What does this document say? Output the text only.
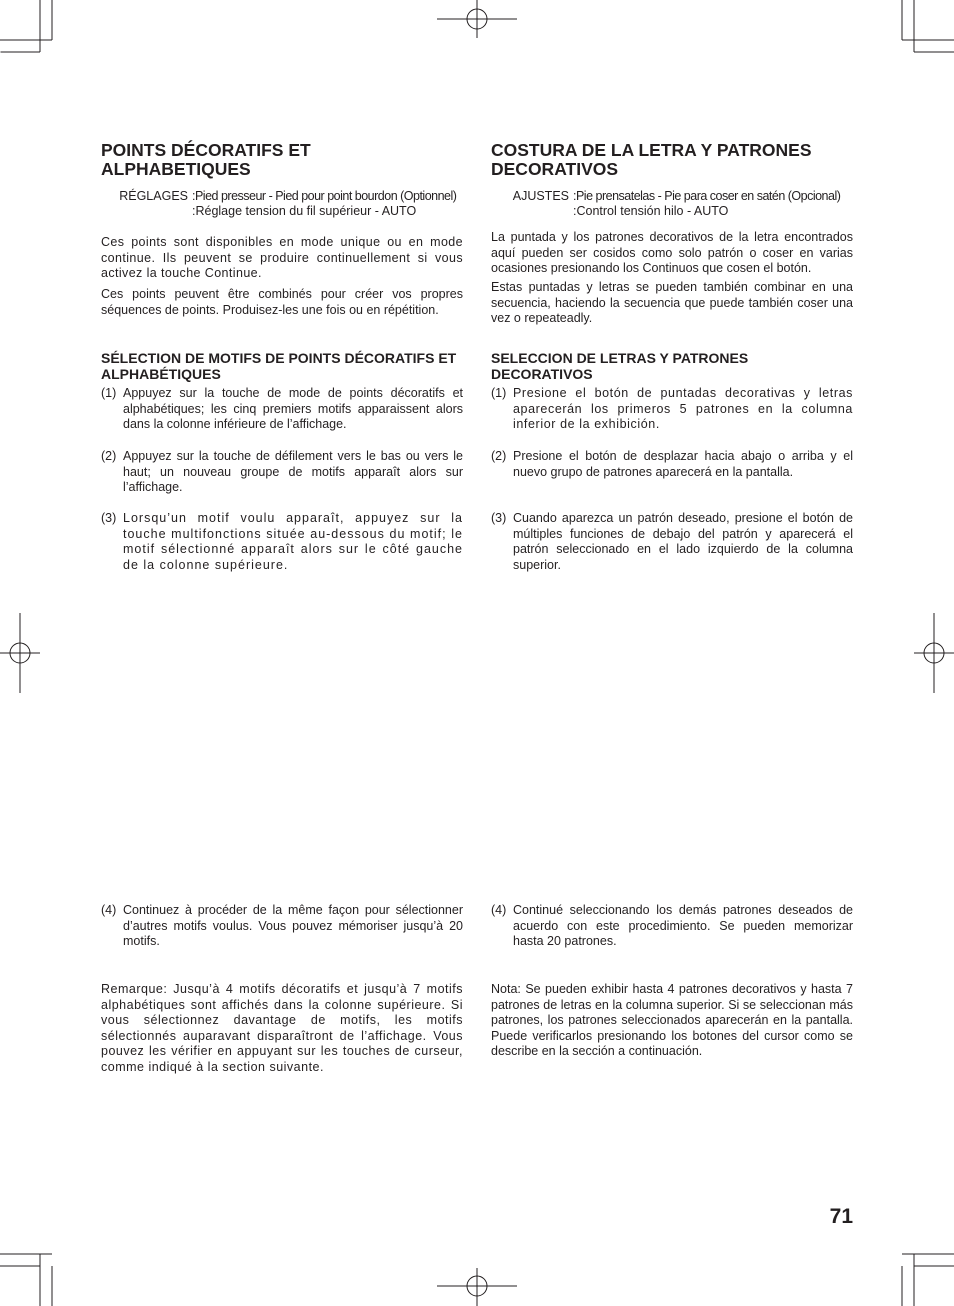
POINTS DÉCORATIFS ET ALPHABETIQUES
RÉGLAGES :Pied presseur - Pied pour point bourdon (Optionnel)
:Réglage tension du fil supérieur - AUTO

Ces points sont disponibles en mode unique ou en mode continue. Ils peuvent se produire continuellement si vous activez la touche Continue.

Ces points peuvent être combinés pour créer vos propres séquences de points. Produisez-les une fois ou en répétition.

SÉLECTION DE MOTIFS DE POINTS DÉCORATIFS ET ALPHABÉTIQUES
(1) Appuyez sur la touche de mode de points décoratifs et alphabétiques; les cinq premiers motifs apparaissent alors dans la colonne inférieure de l’affichage.
(2) Appuyez sur la touche de défilement vers le bas ou vers le haut; un nouveau groupe de motifs apparaît alors sur l’affichage.
(3) Lorsqu’un motif voulu apparaît, appuyez sur la touche multifonctions située au-dessous du motif; le motif sélectionné apparaît alors sur le côté gauche de la colonne supérieure.
(4) Continuez à procéder de la même façon pour sélectionner d’autres motifs voulus. Vous pouvez mémoriser jusqu’à 20 motifs.

Remarque: Jusqu’à 4 motifs décoratifs et jusqu’à 7 motifs alphabétiques sont affichés dans la colonne supérieure. Si vous sélectionnez davantage de motifs, les motifs sélectionnés auparavant disparaîtront de l’affichage. Vous pouvez les vérifier en appuyant sur les touches de curseur, comme indiqué à la section suivante.

COSTURA DE LA LETRA Y PATRONES DECORATIVOS
AJUSTES :Pie prensatelas - Pie para coser en satén (Opcional)
:Control tensión hilo - AUTO

La puntada y los patrones decorativos de la letra encontrados aquí pueden ser cosidos como solo patrón o coser en varias ocasiones presionando los Continuos que cosen el botón.

Estas puntadas y letras se pueden también combinar en una secuencia, haciendo la secuencia que puede también coser una vez o repeateadly.

SELECCION DE LETRAS Y PATRONES DECORATIVOS
(1) Presione el botón de puntadas decorativas y letras aparecerán los primeros 5 patrones en la columna inferior de la exhibición.
(2) Presione el botón de desplazar hacia abajo o arriba y el nuevo grupo de patrones aparecerá en la pantalla.
(3) Cuando aparezca un patrón deseado, presione el botón de múltiples funciones de debajo del patrón y aparecerá el patrón seleccionado en el lado izquierdo de la columna superior.
(4) Continué seleccionando los demás patrones deseados de acuerdo con este procedimiento. Se pueden memorizar hasta 20 patrones.

Nota: Se pueden exhibir hasta 4 patrones decorativos y hasta 7 patrones de letras en la columna superior. Si se seleccionan más patrones, los patrones seleccionados aparecerán en la pantalla. Puede verificarlos presionando los botones del cursor como se describe en la sección a continuación.

71
